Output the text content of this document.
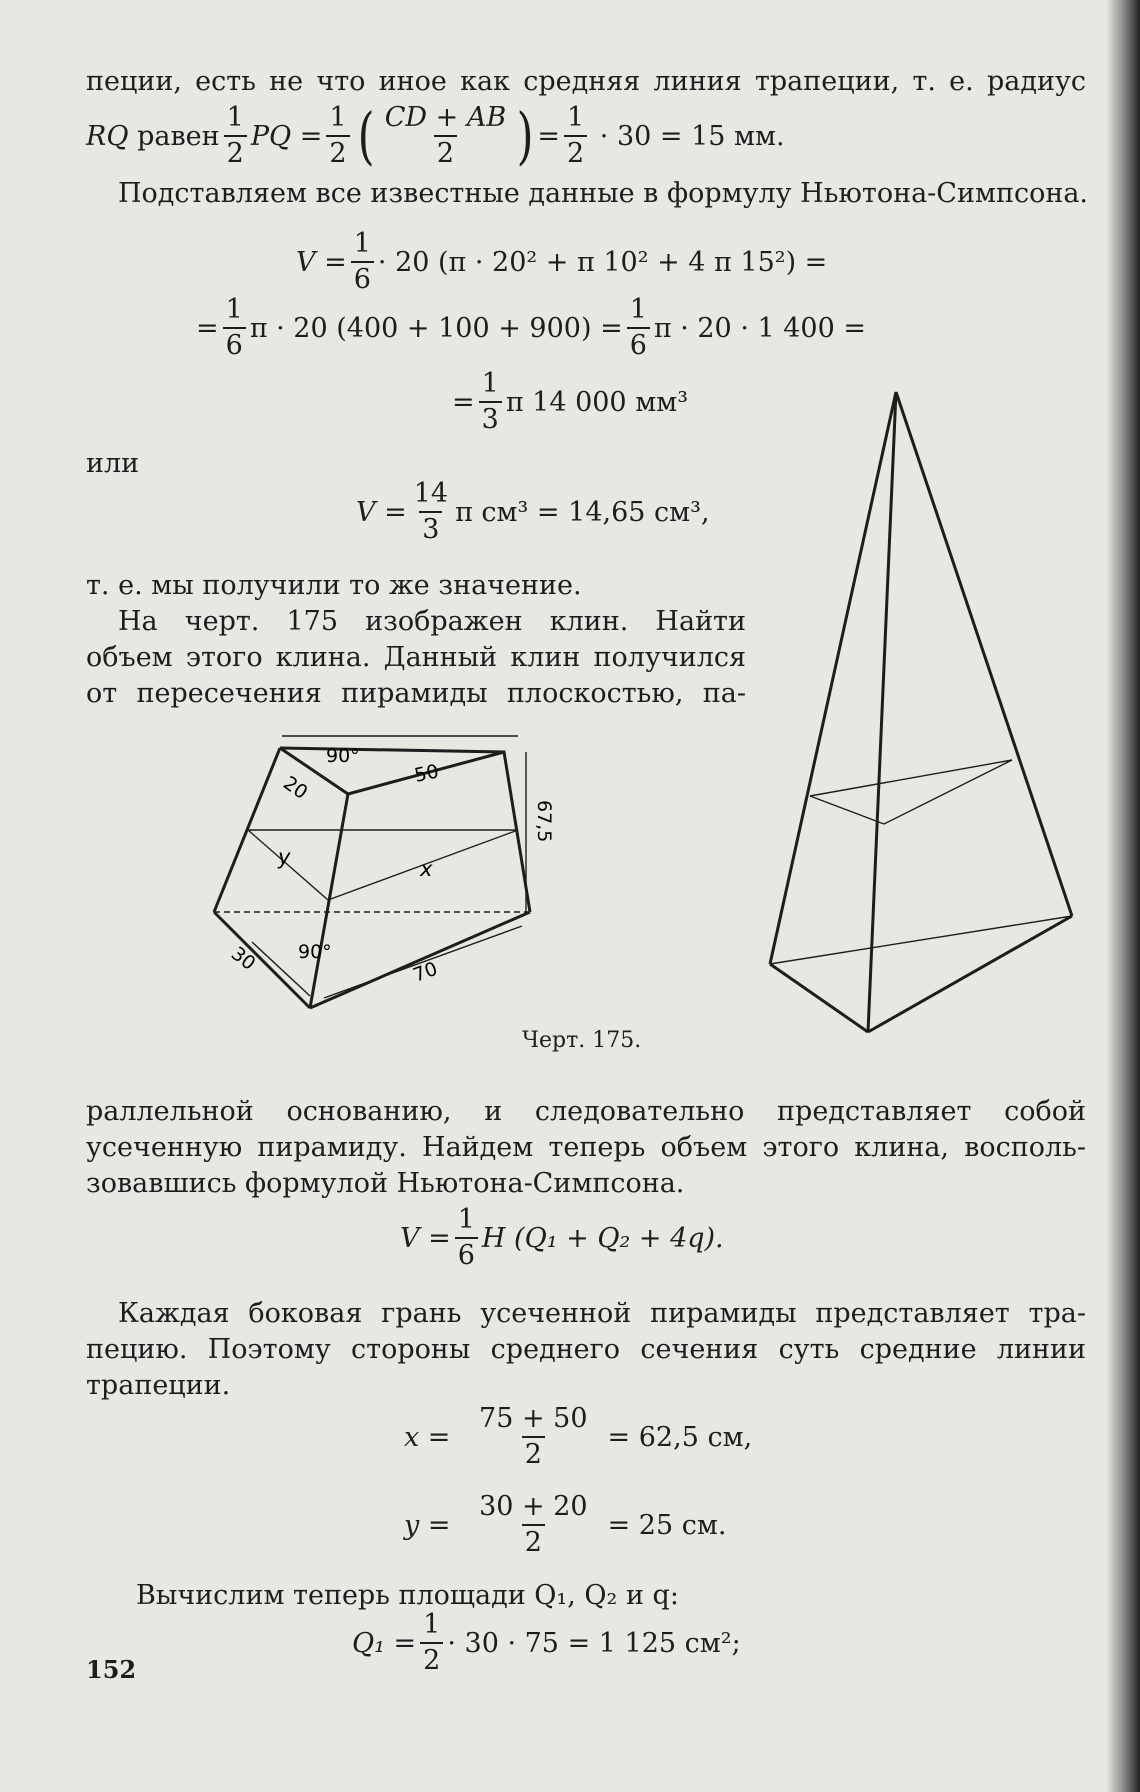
пеции, есть не что иное как средняя линия трапеции, т. е. радиус
RQ
равен $\frac{1}{2}$ PQ
= $\frac{1}{2}$ ( $\frac{CD + AB}{2}$ ) = $\frac{1}{2}$
· 30 = 15 мм.
Подставляем все известные данные в формулу Ньютона-Симпсона.
$V = \frac{1}{6} \cdot 20$ (π · 20² + π 10² + 4 π 15²) =
= $\frac{1}{6}$ π · 20 $(400 + 100 + 900) = \frac{1}{6}$ π · 20 · 1 400 =
= $\frac{1}{3}$ π 14 000 мм³
или
$V = \frac{14}{3}$ π см³ = 14,65 см³,
т. е. мы получили то же значение.
На черт. 175 изображен клин. Найти
объем этого клина. Данный клин получился
от пересечения пирамиды плоскостью, па-
90°
20	50
67,5
y	x
90°
30	70
Черт. 175.
раллельной основанию, и следовательно представляет собой
усеченную пирамиду. Найдем теперь объем этого клина, восполь-
зовавшись формулой Ньютона-Симпсона.
$V = \frac{1}{6}$ H (Q₁ + Q₂ + 4q).
Каждая боковая грань усеченной пирамиды представляет тра-
пецию. Поэтому стороны среднего сечения суть средние линии
трапеции.
x =
$\frac{75 + 50}{2} = 62,5$ см,
y =
$\frac{30 + 20}{2} = 25$ см.
Вычислим теперь площади Q₁, Q₂ и q:
$Q_1 = \frac{1}{2} \cdot 30 \cdot 75 = 1$ 125 см²;
152
